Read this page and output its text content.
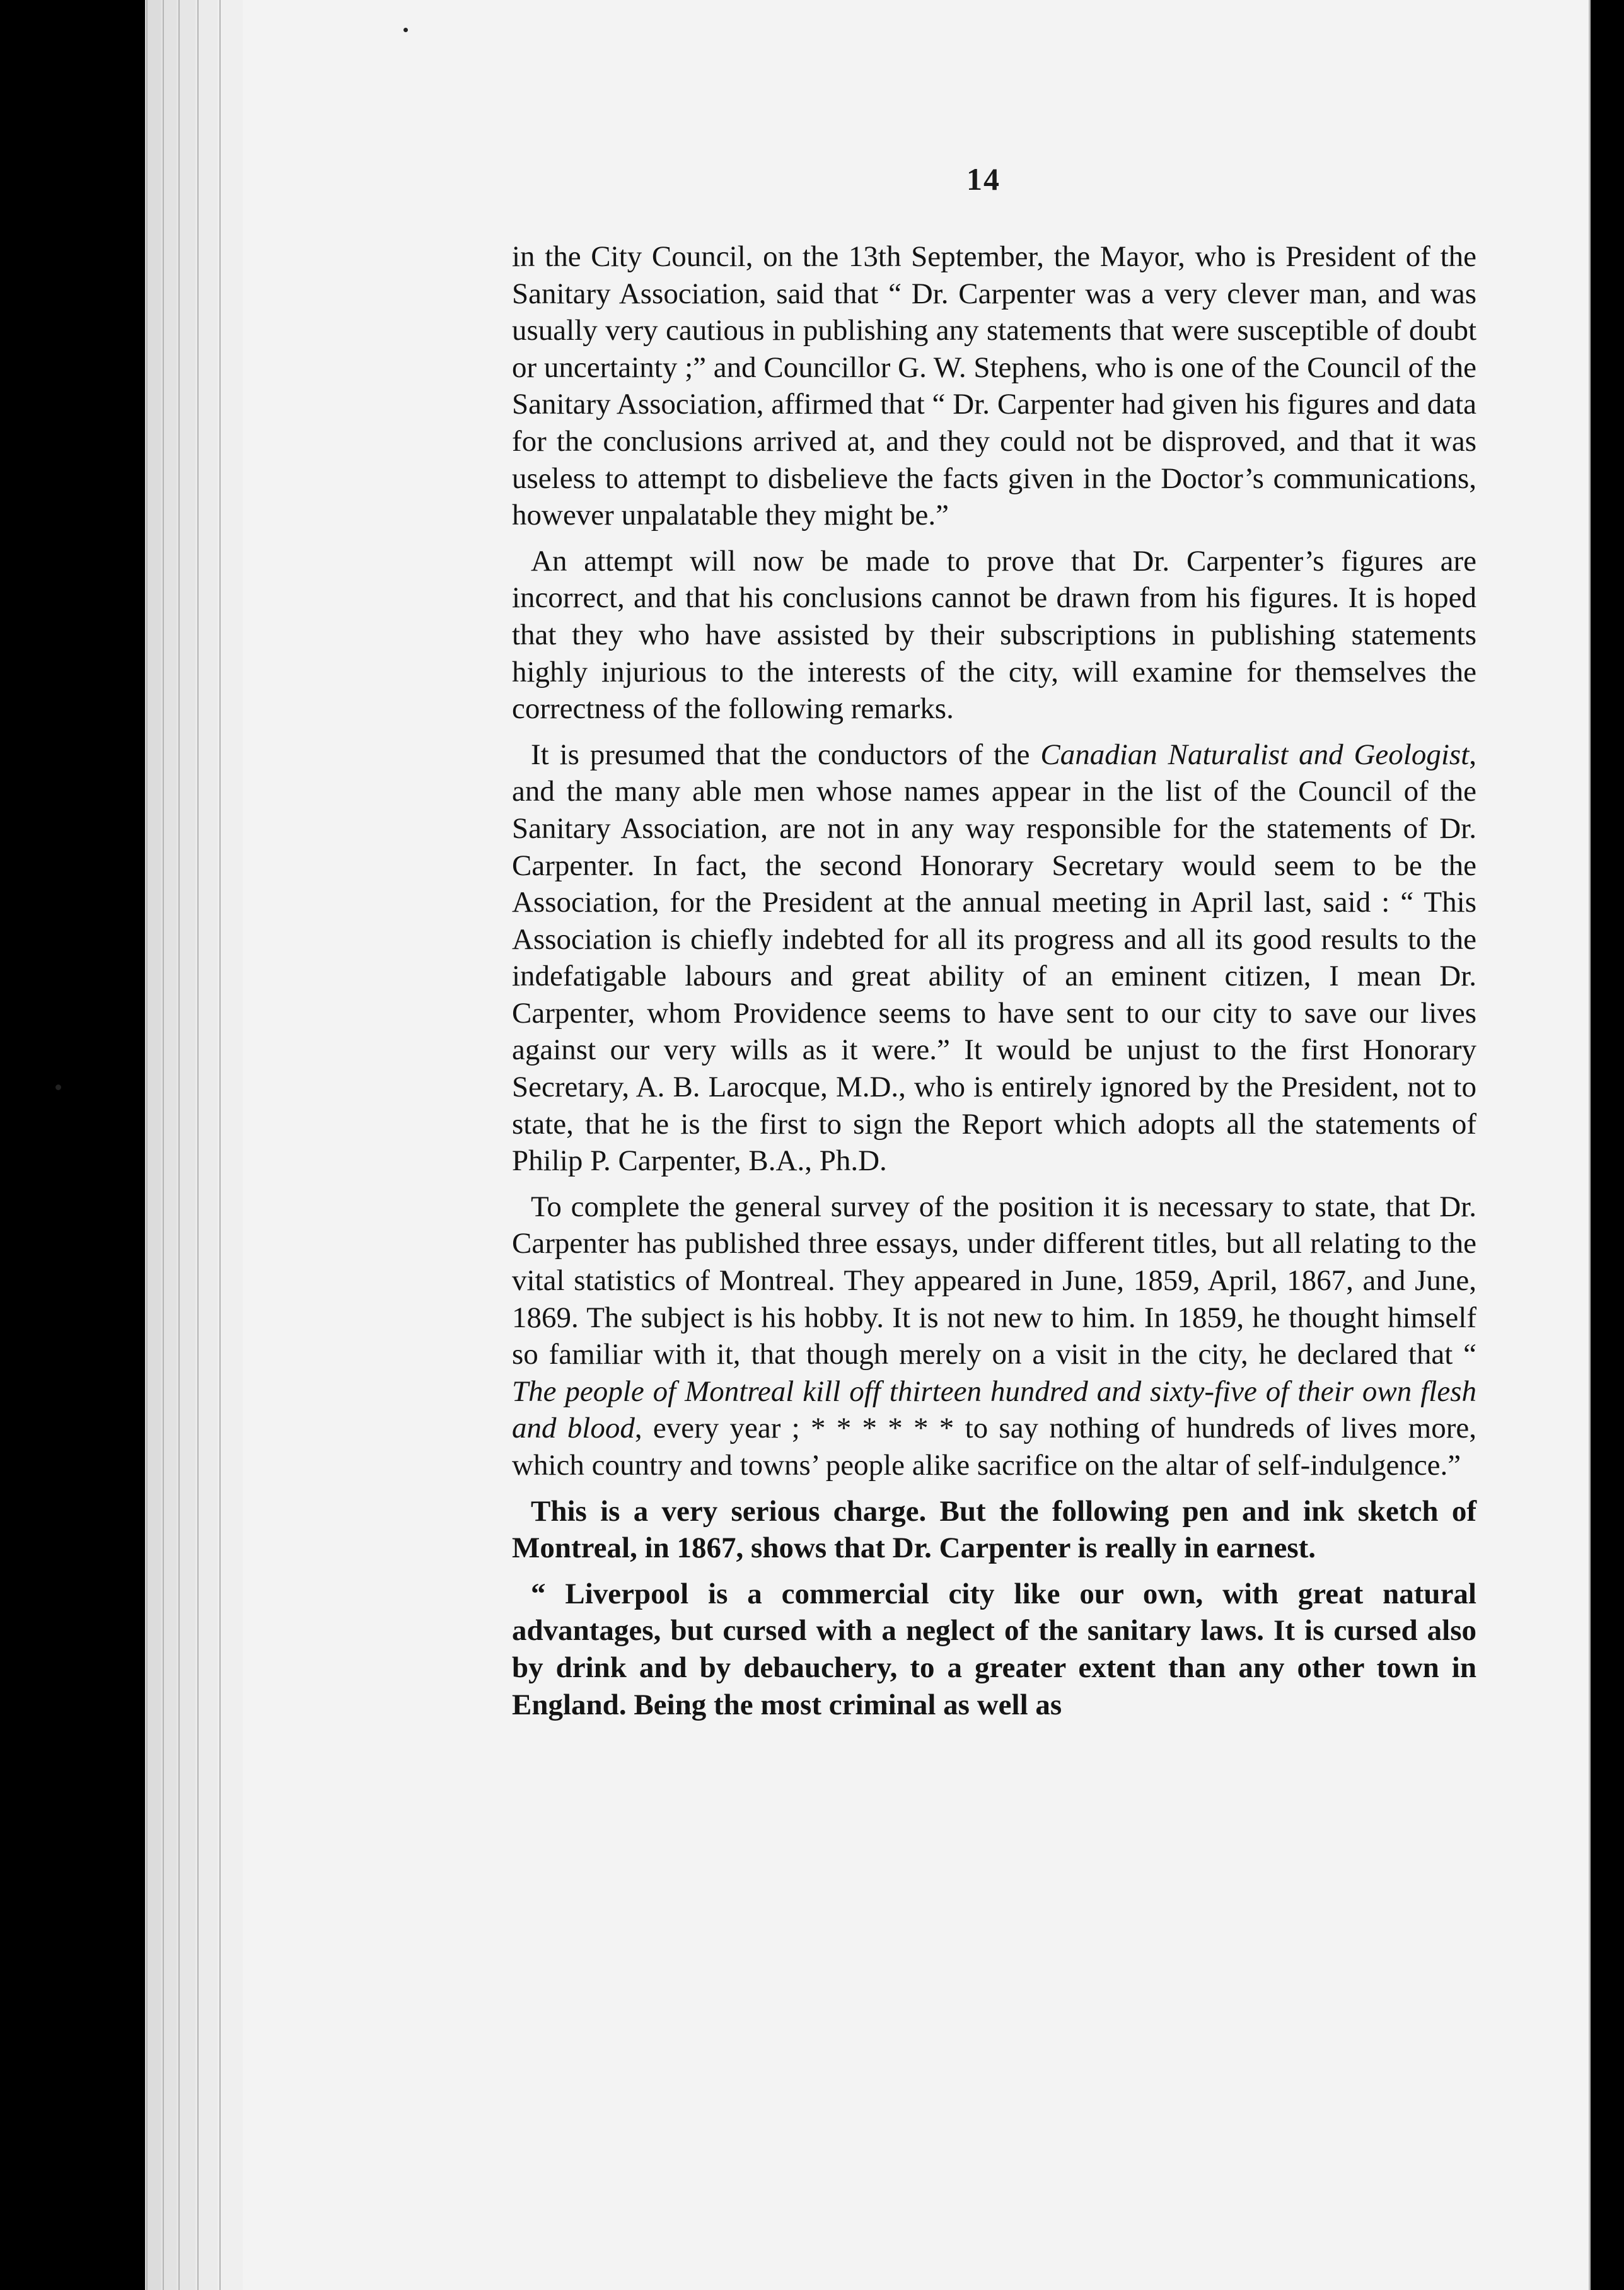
14

in the City Council, on the 13th September, the Mayor, who is President of the Sanitary Association, said that “ Dr. Carpenter was a very clever man, and was usually very cautious in publishing any statements that were susceptible of doubt or uncertainty ;” and Councillor G. W. Stephens, who is one of the Council of the Sanitary Association, affirmed that “ Dr. Carpenter had given his figures and data for the conclusions arrived at, and they could not be disproved, and that it was useless to attempt to disbelieve the facts given in the Doctor’s communications, however unpalatable they might be.”

An attempt will now be made to prove that Dr. Carpenter’s figures are incorrect, and that his conclusions cannot be drawn from his figures. It is hoped that they who have assisted by their subscriptions in publishing statements highly injurious to the interests of the city, will examine for themselves the correctness of the following remarks.

It is presumed that the conductors of the Canadian Naturalist and Geologist, and the many able men whose names appear in the list of the Council of the Sanitary Association, are not in any way responsible for the statements of Dr. Carpenter. In fact, the second Honorary Secretary would seem to be the Association, for the President at the annual meeting in April last, said : “ This Association is chiefly indebted for all its progress and all its good results to the indefatigable labours and great ability of an eminent citizen, I mean Dr. Carpenter, whom Providence seems to have sent to our city to save our lives against our very wills as it were.” It would be unjust to the first Honorary Secretary, A. B. Larocque, M.D., who is entirely ignored by the President, not to state, that he is the first to sign the Report which adopts all the statements of Philip P. Carpenter, B.A., Ph.D.

To complete the general survey of the position it is necessary to state, that Dr. Carpenter has published three essays, under different titles, but all relating to the vital statistics of Montreal. They appeared in June, 1859, April, 1867, and June, 1869. The subject is his hobby. It is not new to him. In 1859, he thought himself so familiar with it, that though merely on a visit in the city, he declared that “ The people of Montreal kill off thirteen hundred and sixty-five of their own flesh and blood, every year ; * * * * * * to say nothing of hundreds of lives more, which country and towns’ people alike sacrifice on the altar of self-indulgence.”

This is a very serious charge. But the following pen and ink sketch of Montreal, in 1867, shows that Dr. Carpenter is really in earnest.

“ Liverpool is a commercial city like our own, with great natural advantages, but cursed with a neglect of the sanitary laws. It is cursed also by drink and by debauchery, to a greater extent than any other town in England. Being the most criminal as well as
